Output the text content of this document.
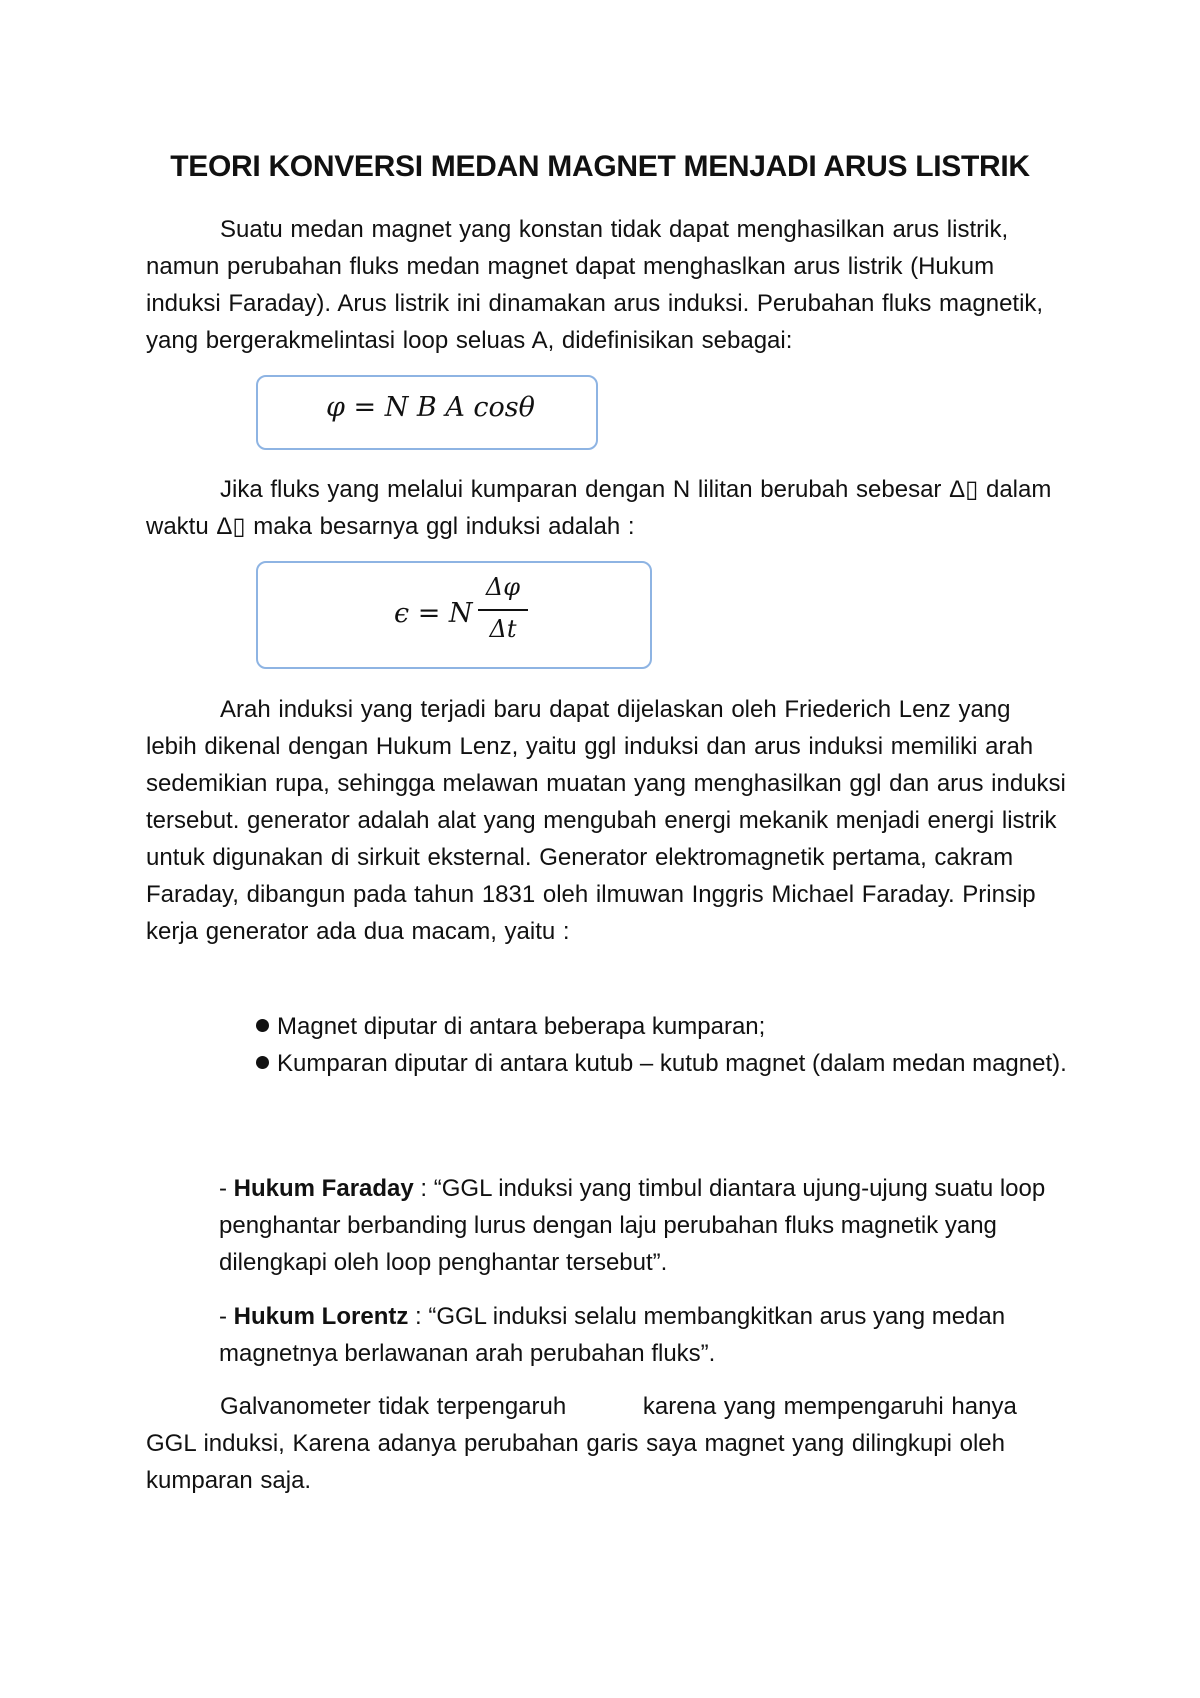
TEORI KONVERSI MEDAN MAGNET MENJADI ARUS LISTRIK

Suatu medan magnet yang konstan tidak dapat menghasilkan arus listrik, namun perubahan fluks medan magnet dapat menghaslkan arus listrik (Hukum induksi Faraday). Arus listrik ini dinamakan arus induksi. Perubahan fluks magnetik, yang bergerakmelintasi loop seluas A, didefinisikan sebagai:

φ = N B A cosθ

Jika fluks yang melalui kumparan dengan N lilitan berubah sebesar Δ▯ dalam waktu Δ▯ maka besarnya ggl induksi adalah :

ϵ = N
Δφ
Δt

Arah induksi yang terjadi baru dapat dijelaskan oleh Friederich Lenz yang lebih dikenal dengan Hukum Lenz, yaitu ggl induksi dan arus induksi memiliki arah sedemikian rupa, sehingga melawan muatan yang menghasilkan ggl dan arus induksi tersebut. generator adalah alat yang mengubah energi mekanik menjadi energi listrik untuk digunakan di sirkuit eksternal. Generator elektromagnetik pertama, cakram Faraday, dibangun pada tahun 1831 oleh ilmuwan Inggris Michael Faraday. Prinsip kerja generator ada dua macam, yaitu :

Magnet diputar di antara beberapa kumparan;
Kumparan diputar di antara kutub – kutub magnet (dalam medan magnet).

- Hukum Faraday : “GGL induksi yang timbul diantara ujung-ujung suatu loop penghantar berbanding lurus dengan laju perubahan fluks magnetik yang dilengkapi oleh loop penghantar tersebut”.

- Hukum Lorentz : “GGL induksi selalu membangkitkan arus yang medan magnetnya berlawanan arah perubahan fluks”.

Galvanometer tidak terpengaruh          karena yang mempengaruhi hanya GGL induksi, Karena adanya perubahan garis saya magnet yang dilingkupi oleh kumparan saja.
